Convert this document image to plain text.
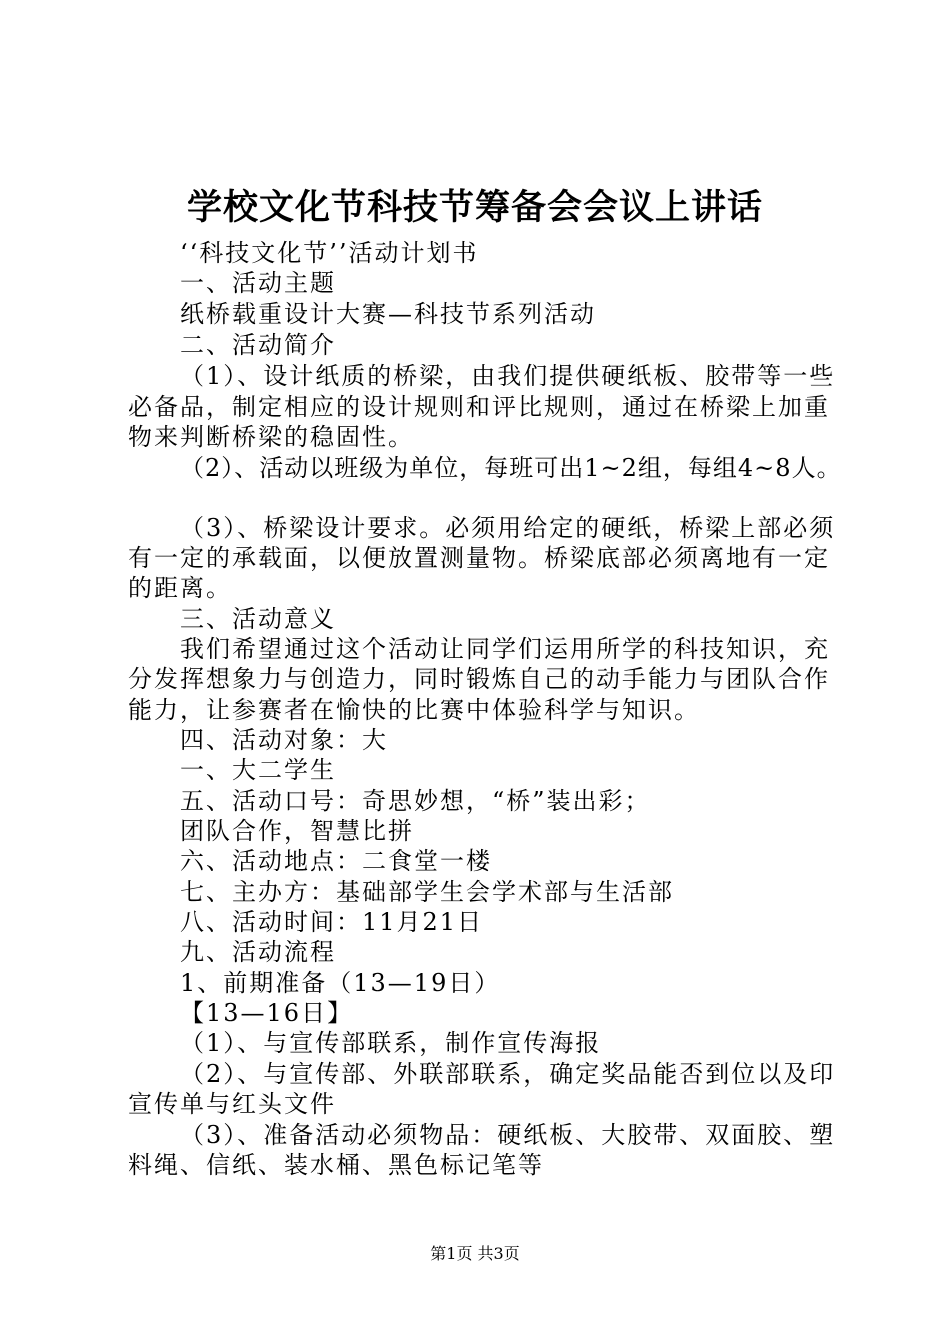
学校文化节科技节筹备会会议上讲话
‘‘科技文化节’’活动计划书
一、活动主题
纸桥载重设计大赛—科技节系列活动
二、活动简介
（1）、设计纸质的桥梁，由我们提供硬纸板、胶带等一些
必备品，制定相应的设计规则和评比规则，通过在桥梁上加重
物来判断桥梁的稳固性。
（2）、活动以班级为单位，每班可出1~2组，每组4~8人。
（3）、桥梁设计要求。必须用给定的硬纸，桥梁上部必须
有一定的承载面，以便放置测量物。桥梁底部必须离地有一定
的距离。
三、活动意义
我们希望通过这个活动让同学们运用所学的科技知识，充
分发挥想象力与创造力，同时锻炼自己的动手能力与团队合作
能力，让参赛者在愉快的比赛中体验科学与知识。
四、活动对象：大
一、大二学生
五、活动口号：奇思妙想，“桥”装出彩；
团队合作，智慧比拼
六、活动地点：二食堂一楼
七、主办方：基础部学生会学术部与生活部
八、活动时间：11月21日
九、活动流程
1、前期准备（13—19日）
【13—16日】
（1）、与宣传部联系，制作宣传海报
（2）、与宣传部、外联部联系，确定奖品能否到位以及印
宣传单与红头文件
（3）、准备活动必须物品：硬纸板、大胶带、双面胶、塑
料绳、信纸、装水桶、黑色标记笔等
第1页 共3页
